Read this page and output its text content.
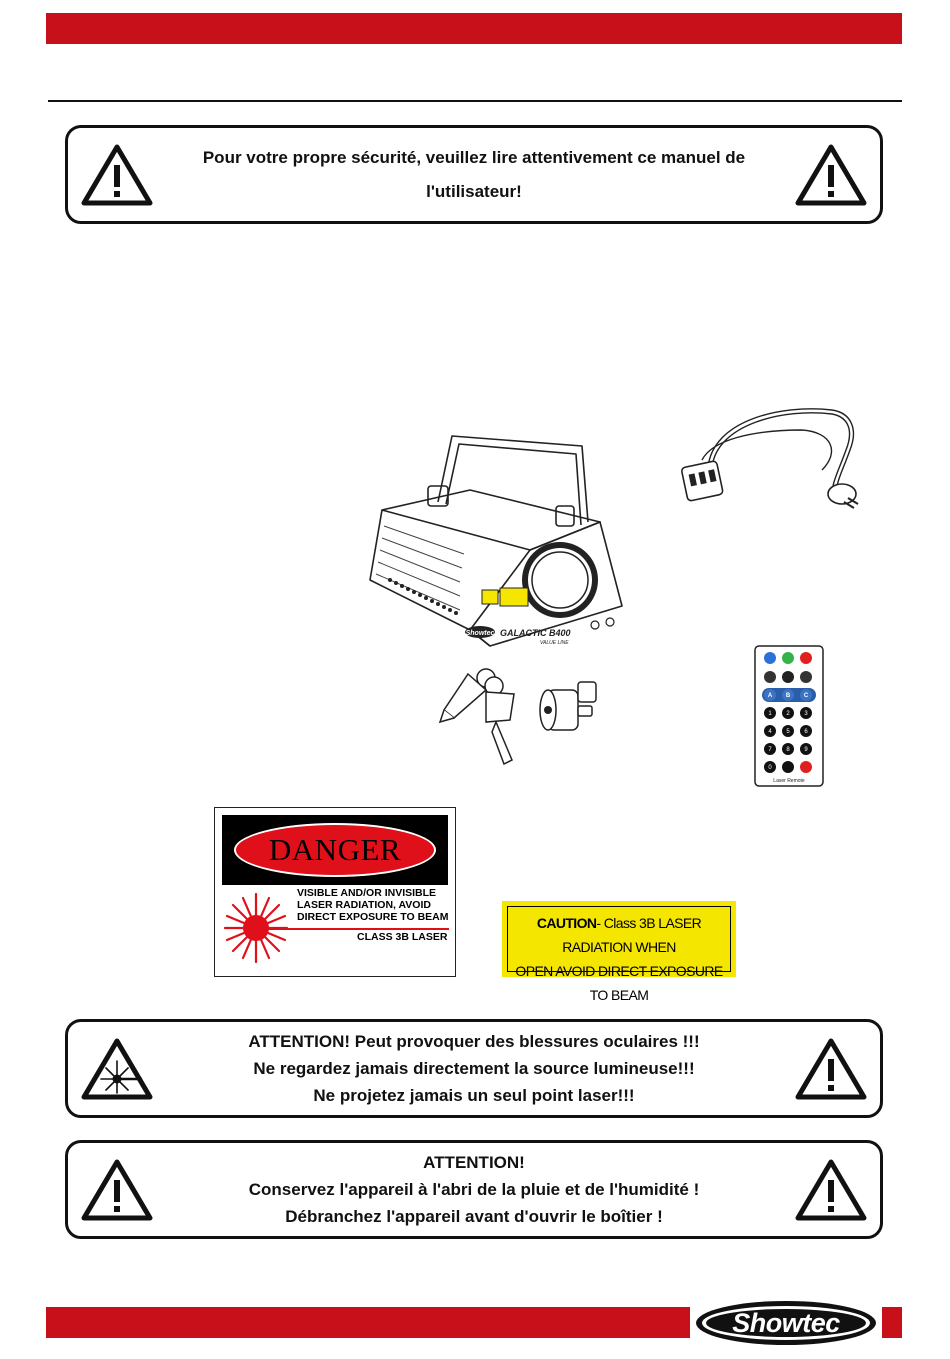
Pour votre propre sécurité, veuillez lire attentivement ce manuel de
l'utilisateur!
Showtec GALACTIC B400
VALUE LINE
A B C
1 2 3
4 5 6
7 8 9
0
Laser Remote
DANGER
VISIBLE AND/OR INVISIBLE
LASER RADIATION, AVOID
DIRECT EXPOSURE TO BEAM
CLASS 3B LASER
CAUTION- Class 3B LASER RADIATION WHEN
OPEN AVOID DIRECT EXPOSURE TO BEAM
ATTENTION! Peut provoquer des blessures oculaires !!!
Ne regardez jamais directement la source lumineuse!!!
Ne projetez jamais un seul point laser!!!
ATTENTION!
Conservez l'appareil à l'abri de la pluie et de l'humidité !
Débranchez l'appareil avant d'ouvrir le boîtier !
Showtec
